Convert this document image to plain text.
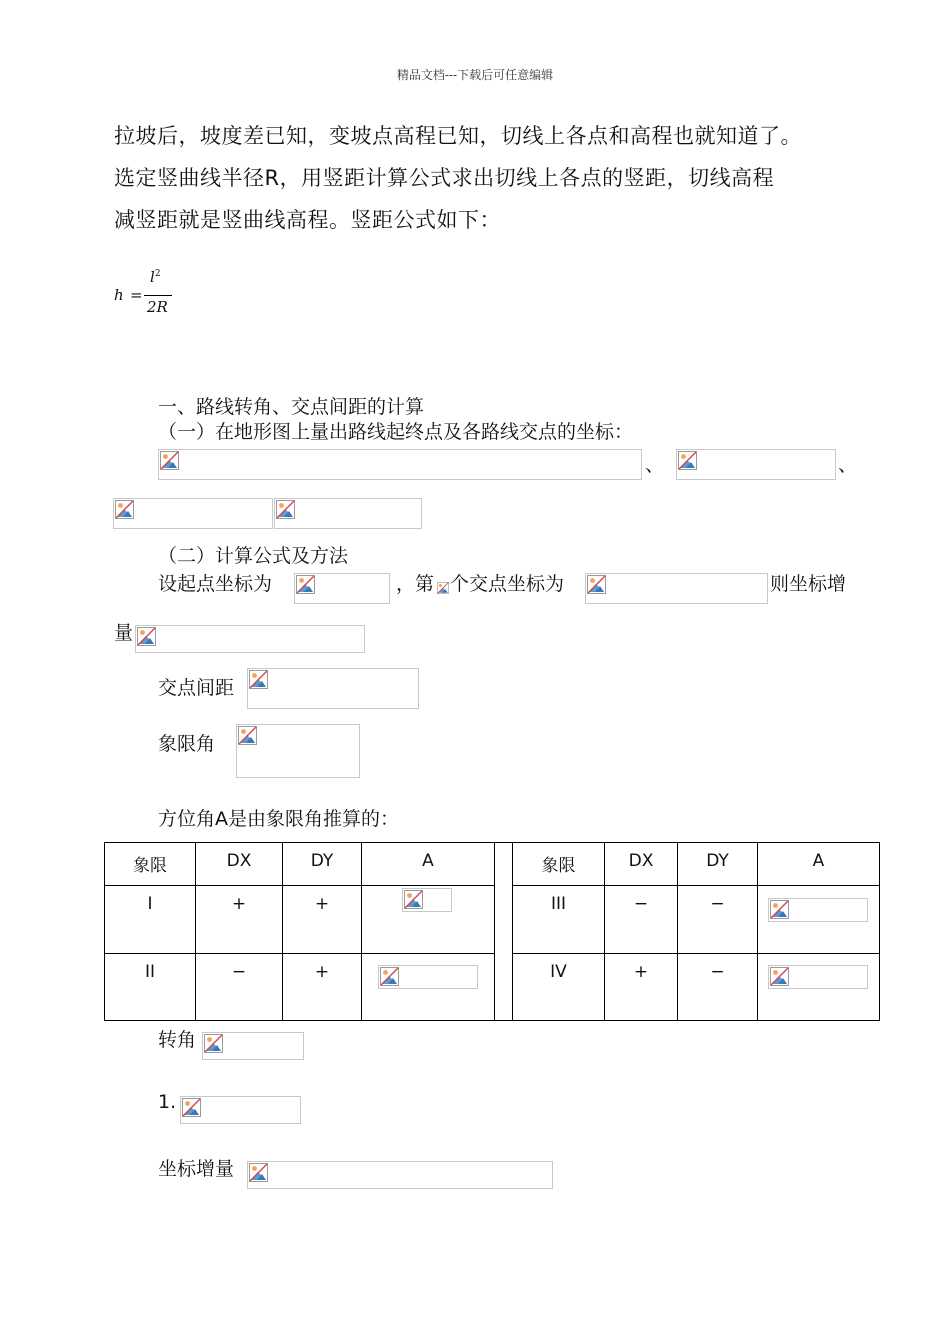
精品文档---下载后可任意编辑
拉坡后，坡度差已知，变坡点高程已知，切线上各点和高程也就知道了。
选定竖曲线半径R，用竖距计算公式求出切线上各点的竖距，切线高程
减竖距就是竖曲线高程。竖距公式如下：
h =
$l^2$
2R
一、路线转角、交点间距的计算
（一）在地形图上量出路线起终点及各路线交点的坐标：
、	、
（二）计算公式及方法
设起点坐标为	，第 个交点坐标为	则坐标增
量
交点间距
象限角
方位角A是由象限角推算的：
象限	DX	DY	A		象限	DX	DY	A
I	+	+			III	−	−	

II	−	+			IV	+	−	
转角
1.
坐标增量
